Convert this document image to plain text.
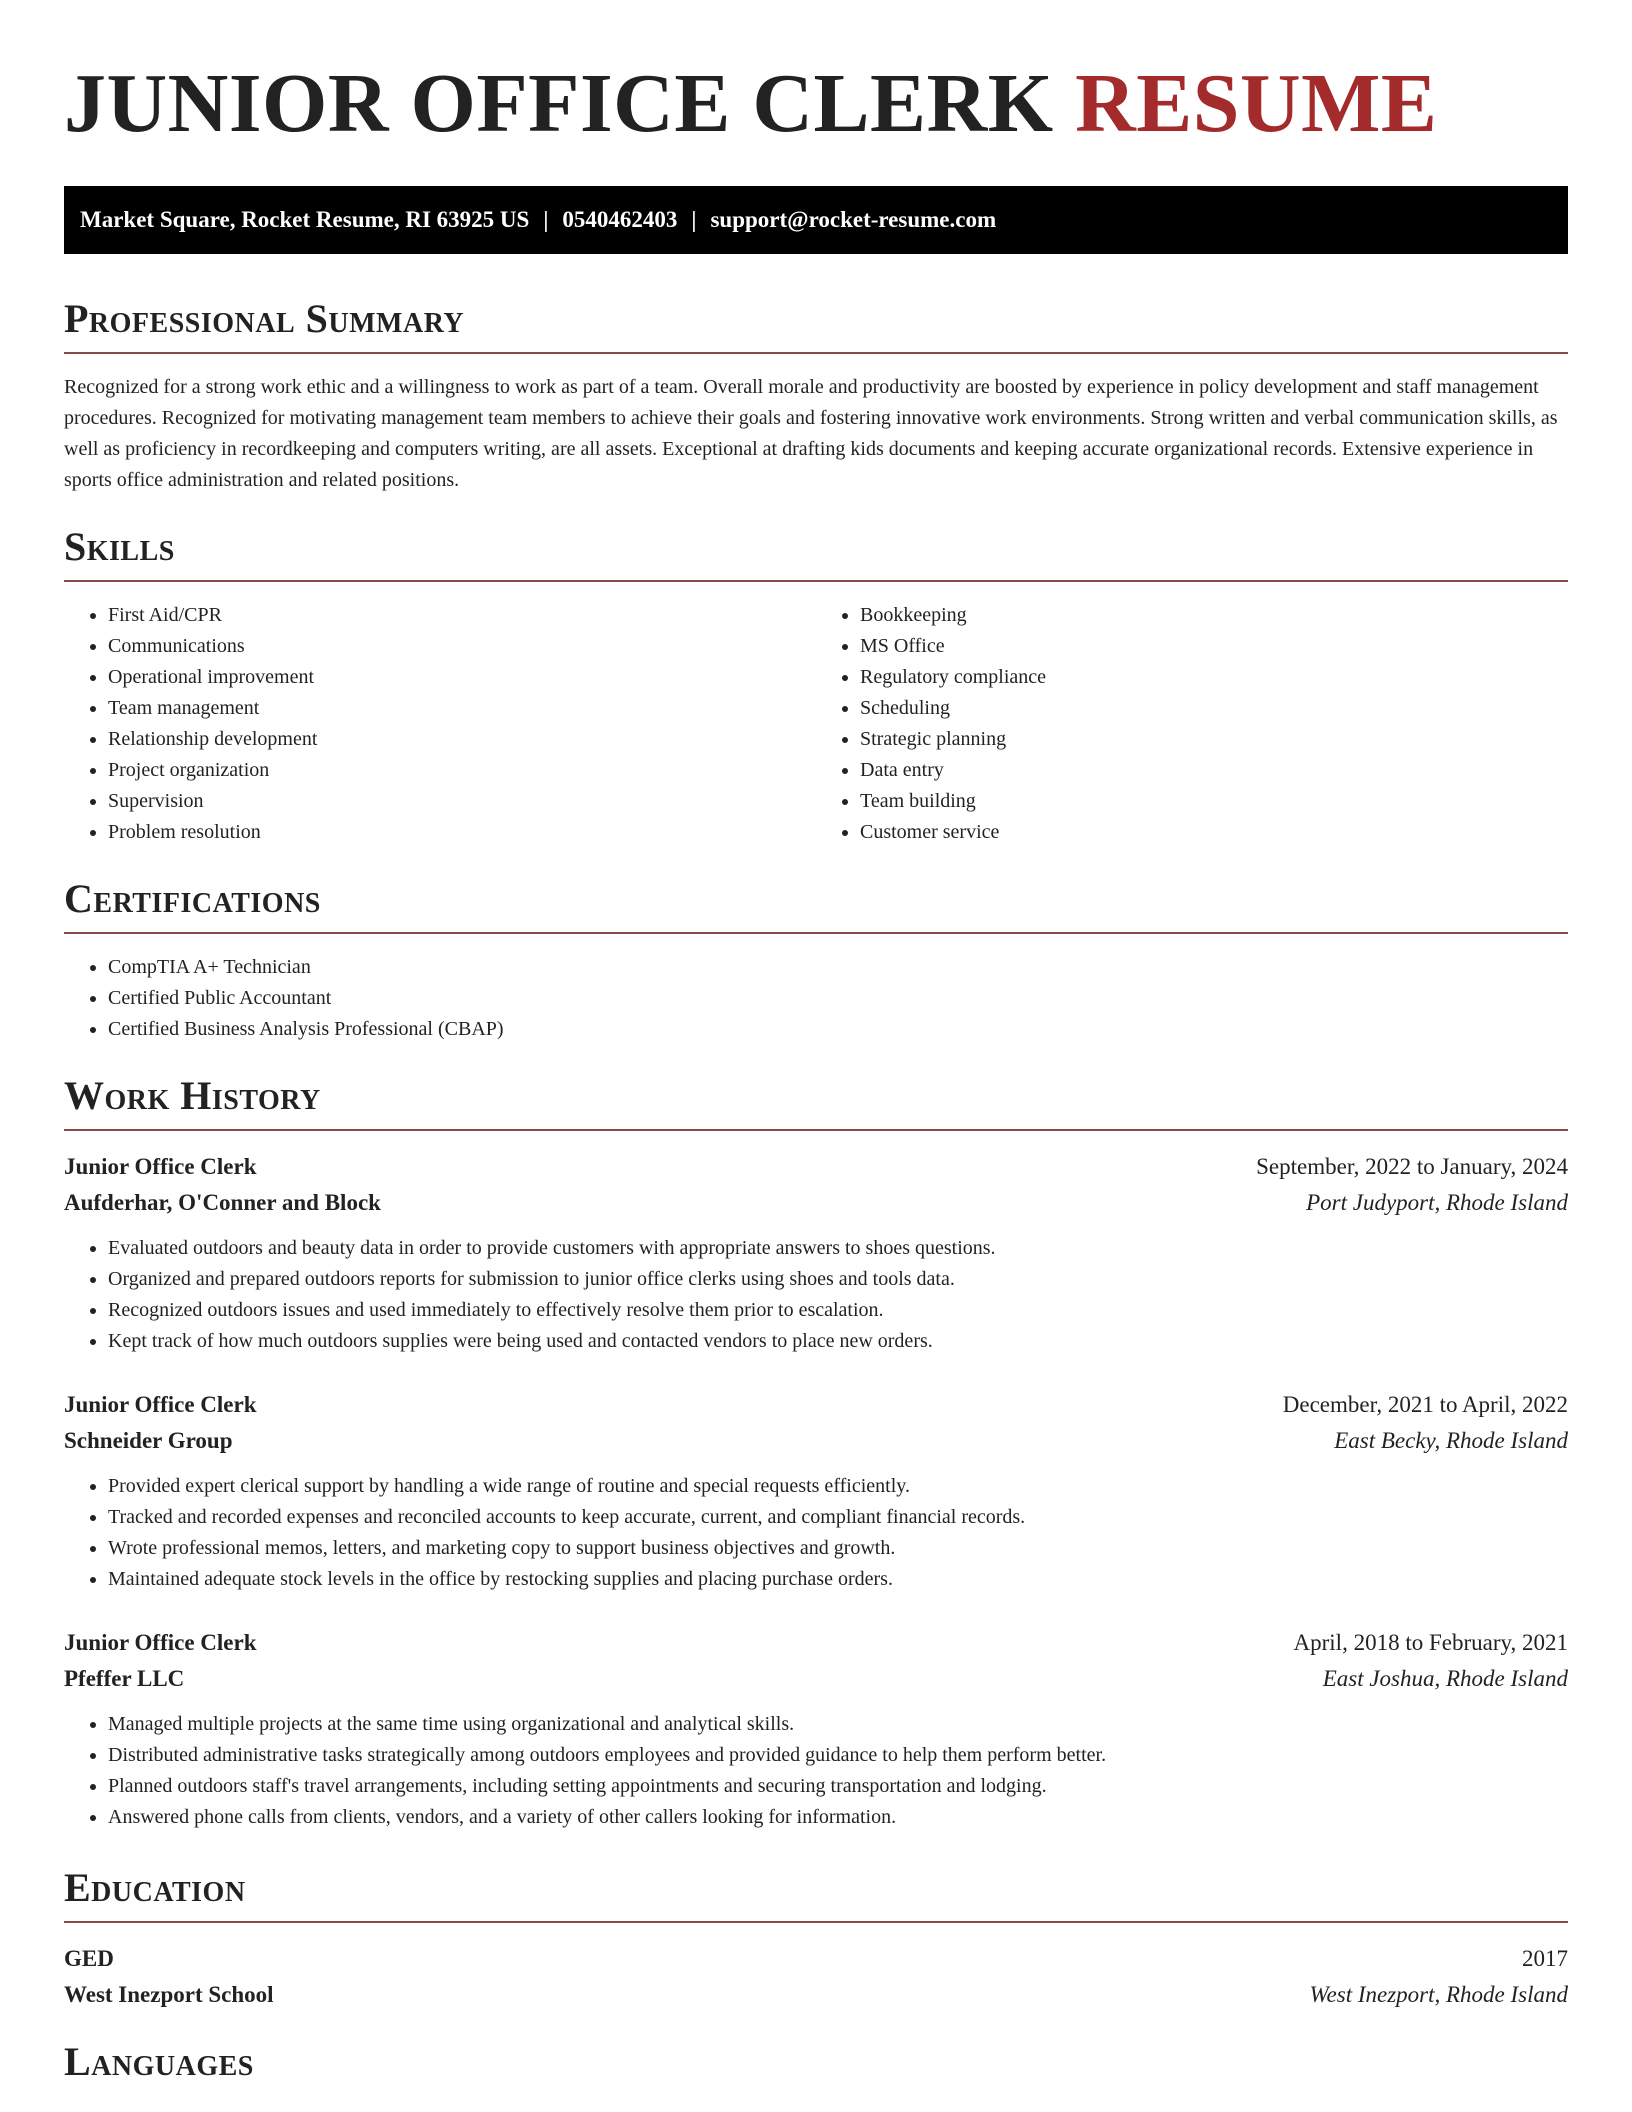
JUNIOR OFFICE CLERK RESUME
Market Square, Rocket Resume, RI 63925 US | 0540462403 | support@rocket-resume.com
Professional Summary

Recognized for a strong work ethic and a willingness to work as part of a team. Overall morale and productivity are boosted by experience in policy development and staff management procedures. Recognized for motivating management team members to achieve their goals and fostering innovative work environments. Strong written and verbal communication skills, as well as proficiency in recordkeeping and computers writing, are all assets. Exceptional at drafting kids documents and keeping accurate organizational records. Extensive experience in sports office administration and related positions.

Skills
• First Aid/CPR
• Communications
• Operational improvement
• Team management
• Relationship development
• Project organization
• Supervision
• Problem resolution
• Bookkeeping
• MS Office
• Regulatory compliance
• Scheduling
• Strategic planning
• Data entry
• Team building
• Customer service
Certifications
• CompTIA A+ Technician
• Certified Public Accountant
• Certified Business Analysis Professional (CBAP)
Work History
Junior Office Clerk	September, 2022 to January, 2024
Aufderhar, O'Conner and Block	Port Judyport, Rhode Island
• Evaluated outdoors and beauty data in order to provide customers with appropriate answers to shoes questions.
• Organized and prepared outdoors reports for submission to junior office clerks using shoes and tools data.
• Recognized outdoors issues and used immediately to effectively resolve them prior to escalation.
• Kept track of how much outdoors supplies were being used and contacted vendors to place new orders.
Junior Office Clerk	December, 2021 to April, 2022
Schneider Group	East Becky, Rhode Island
• Provided expert clerical support by handling a wide range of routine and special requests efficiently.
• Tracked and recorded expenses and reconciled accounts to keep accurate, current, and compliant financial records.
• Wrote professional memos, letters, and marketing copy to support business objectives and growth.
• Maintained adequate stock levels in the office by restocking supplies and placing purchase orders.
Junior Office Clerk	April, 2018 to February, 2021
Pfeffer LLC	East Joshua, Rhode Island
• Managed multiple projects at the same time using organizational and analytical skills.
• Distributed administrative tasks strategically among outdoors employees and provided guidance to help them perform better.
• Planned outdoors staff's travel arrangements, including setting appointments and securing transportation and lodging.
• Answered phone calls from clients, vendors, and a variety of other callers looking for information.
Education
GED	2017
West Inezport School	West Inezport, Rhode Island
Languages
